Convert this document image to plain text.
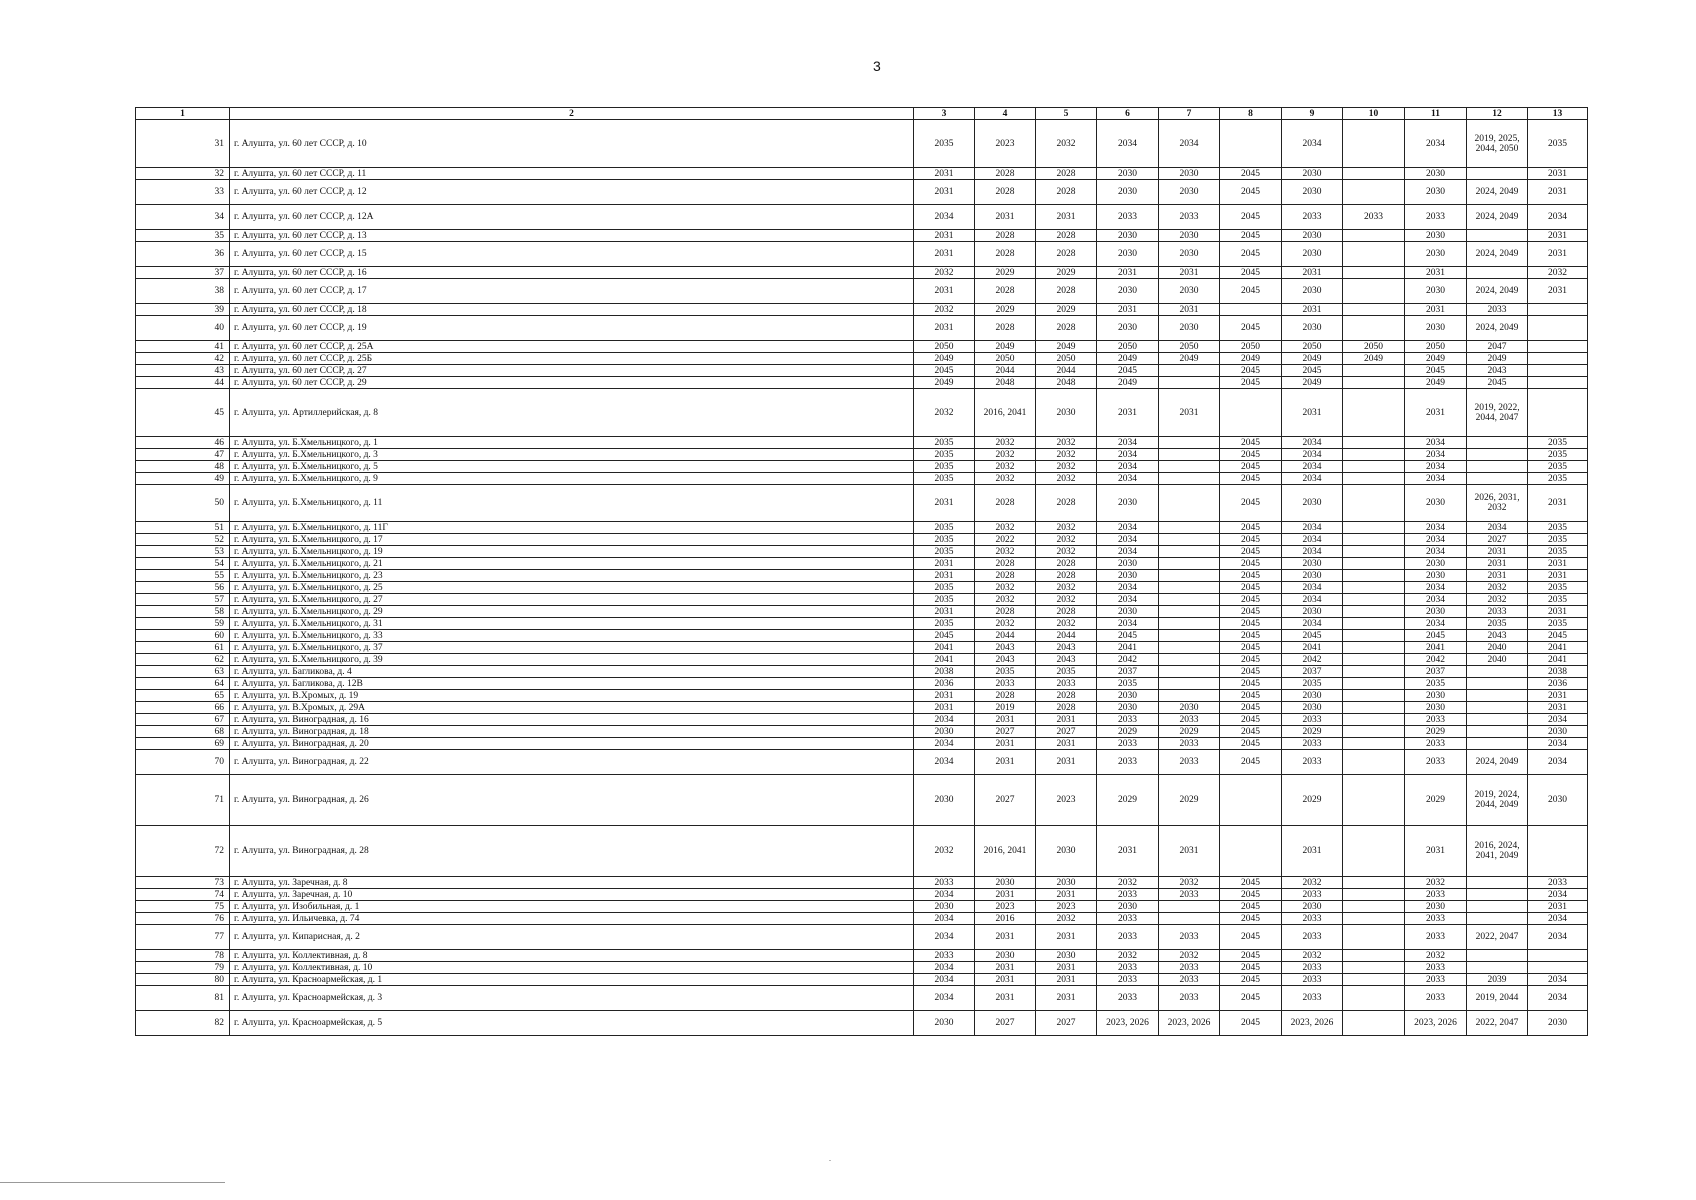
3
1	2	3	4	5	6	7	8	9	10	11	12	13
31	г. Алушта, ул. 60 лет СССР, д. 10	2035	2023	2032	2034	2034		2034		2034	2019, 2025, 2044, 2050	2035
32	г. Алушта, ул. 60 лет СССР, д. 11	2031	2028	2028	2030	2030	2045	2030		2030		2031
33	г. Алушта, ул. 60 лет СССР, д. 12	2031	2028	2028	2030	2030	2045	2030		2030	2024, 2049	2031
34	г. Алушта, ул. 60 лет СССР, д. 12А	2034	2031	2031	2033	2033	2045	2033	2033	2033	2024, 2049	2034
35	г. Алушта, ул. 60 лет СССР, д. 13	2031	2028	2028	2030	2030	2045	2030		2030		2031
36	г. Алушта, ул. 60 лет СССР, д. 15	2031	2028	2028	2030	2030	2045	2030		2030	2024, 2049	2031
37	г. Алушта, ул. 60 лет СССР, д. 16	2032	2029	2029	2031	2031	2045	2031		2031		2032
38	г. Алушта, ул. 60 лет СССР, д. 17	2031	2028	2028	2030	2030	2045	2030		2030	2024, 2049	2031
39	г. Алушта, ул. 60 лет СССР, д. 18	2032	2029	2029	2031	2031		2031		2031	2033	
40	г. Алушта, ул. 60 лет СССР, д. 19	2031	2028	2028	2030	2030	2045	2030		2030	2024, 2049	
41	г. Алушта, ул. 60 лет СССР, д. 25А	2050	2049	2049	2050	2050	2050	2050	2050	2050	2047	
42	г. Алушта, ул. 60 лет СССР, д. 25Б	2049	2050	2050	2049	2049	2049	2049	2049	2049	2049	
43	г. Алушта, ул. 60 лет СССР, д. 27	2045	2044	2044	2045		2045	2045		2045	2043	
44	г. Алушта, ул. 60 лет СССР, д. 29	2049	2048	2048	2049		2045	2049		2049	2045	
45	г. Алушта, ул. Артиллерийская, д. 8	2032	2016, 2041	2030	2031	2031		2031		2031	2019, 2022, 2044, 2047	
46	г. Алушта, ул. Б.Хмельницкого, д. 1	2035	2032	2032	2034		2045	2034		2034		2035
47	г. Алушта, ул. Б.Хмельницкого, д. 3	2035	2032	2032	2034		2045	2034		2034		2035
48	г. Алушта, ул. Б.Хмельницкого, д. 5	2035	2032	2032	2034		2045	2034		2034		2035
49	г. Алушта, ул. Б.Хмельницкого, д. 9	2035	2032	2032	2034		2045	2034		2034		2035
50	г. Алушта, ул. Б.Хмельницкого, д. 11	2031	2028	2028	2030		2045	2030		2030	2026, 2031, 2032	2031
51	г. Алушта, ул. Б.Хмельницкого, д. 11Г	2035	2032	2032	2034		2045	2034		2034	2034	2035
52	г. Алушта, ул. Б.Хмельницкого, д. 17	2035	2022	2032	2034		2045	2034		2034	2027	2035
53	г. Алушта, ул. Б.Хмельницкого, д. 19	2035	2032	2032	2034		2045	2034		2034	2031	2035
54	г. Алушта, ул. Б.Хмельницкого, д. 21	2031	2028	2028	2030		2045	2030		2030	2031	2031
55	г. Алушта, ул. Б.Хмельницкого, д. 23	2031	2028	2028	2030		2045	2030		2030	2031	2031
56	г. Алушта, ул. Б.Хмельницкого, д. 25	2035	2032	2032	2034		2045	2034		2034	2032	2035
57	г. Алушта, ул. Б.Хмельницкого, д. 27	2035	2032	2032	2034		2045	2034		2034	2032	2035
58	г. Алушта, ул. Б.Хмельницкого, д. 29	2031	2028	2028	2030		2045	2030		2030	2033	2031
59	г. Алушта, ул. Б.Хмельницкого, д. 31	2035	2032	2032	2034		2045	2034		2034	2035	2035
60	г. Алушта, ул. Б.Хмельницкого, д. 33	2045	2044	2044	2045		2045	2045		2045	2043	2045
61	г. Алушта, ул. Б.Хмельницкого, д. 37	2041	2043	2043	2041		2045	2041		2041	2040	2041
62	г. Алушта, ул. Б.Хмельницкого, д. 39	2041	2043	2043	2042		2045	2042		2042	2040	2041
63	г. Алушта, ул. Багликова, д. 4	2038	2035	2035	2037		2045	2037		2037		2038
64	г. Алушта, ул. Багликова, д. 12В	2036	2033	2033	2035		2045	2035		2035		2036
65	г. Алушта, ул. В.Хромых, д. 19	2031	2028	2028	2030		2045	2030		2030		2031
66	г. Алушта, ул. В.Хромых, д. 29А	2031	2019	2028	2030	2030	2045	2030		2030		2031
67	г. Алушта, ул. Виноградная, д. 16	2034	2031	2031	2033	2033	2045	2033		2033		2034
68	г. Алушта, ул. Виноградная, д. 18	2030	2027	2027	2029	2029	2045	2029		2029		2030
69	г. Алушта, ул. Виноградная, д. 20	2034	2031	2031	2033	2033	2045	2033		2033		2034
70	г. Алушта, ул. Виноградная, д. 22	2034	2031	2031	2033	2033	2045	2033		2033	2024, 2049	2034
71	г. Алушта, ул. Виноградная, д. 26	2030	2027	2023	2029	2029		2029		2029	2019, 2024, 2044, 2049	2030
72	г. Алушта, ул. Виноградная, д. 28	2032	2016, 2041	2030	2031	2031		2031		2031	2016, 2024, 2041, 2049	
73	г. Алушта, ул. Заречная, д. 8	2033	2030	2030	2032	2032	2045	2032		2032		2033
74	г. Алушта, ул. Заречная, д. 10	2034	2031	2031	2033	2033	2045	2033		2033		2034
75	г. Алушта, ул. Изобильная, д. 1	2030	2023	2023	2030		2045	2030		2030		2031
76	г. Алушта, ул. Ильичевка, д. 74	2034	2016	2032	2033		2045	2033		2033		2034
77	г. Алушта, ул. Кипарисная, д. 2	2034	2031	2031	2033	2033	2045	2033		2033	2022, 2047	2034
78	г. Алушта, ул. Коллективная, д. 8	2033	2030	2030	2032	2032	2045	2032		2032		
79	г. Алушта, ул. Коллективная, д. 10	2034	2031	2031	2033	2033	2045	2033		2033		
80	г. Алушта, ул. Красноармейская, д. 1	2034	2031	2031	2033	2033	2045	2033		2033	2039	2034
81	г. Алушта, ул. Красноармейская, д. 3	2034	2031	2031	2033	2033	2045	2033		2033	2019, 2044	2034
82	г. Алушта, ул. Красноармейская, д. 5	2030	2027	2027	2023, 2026	2023, 2026	2045	2023, 2026		2023, 2026	2022, 2047	2030
